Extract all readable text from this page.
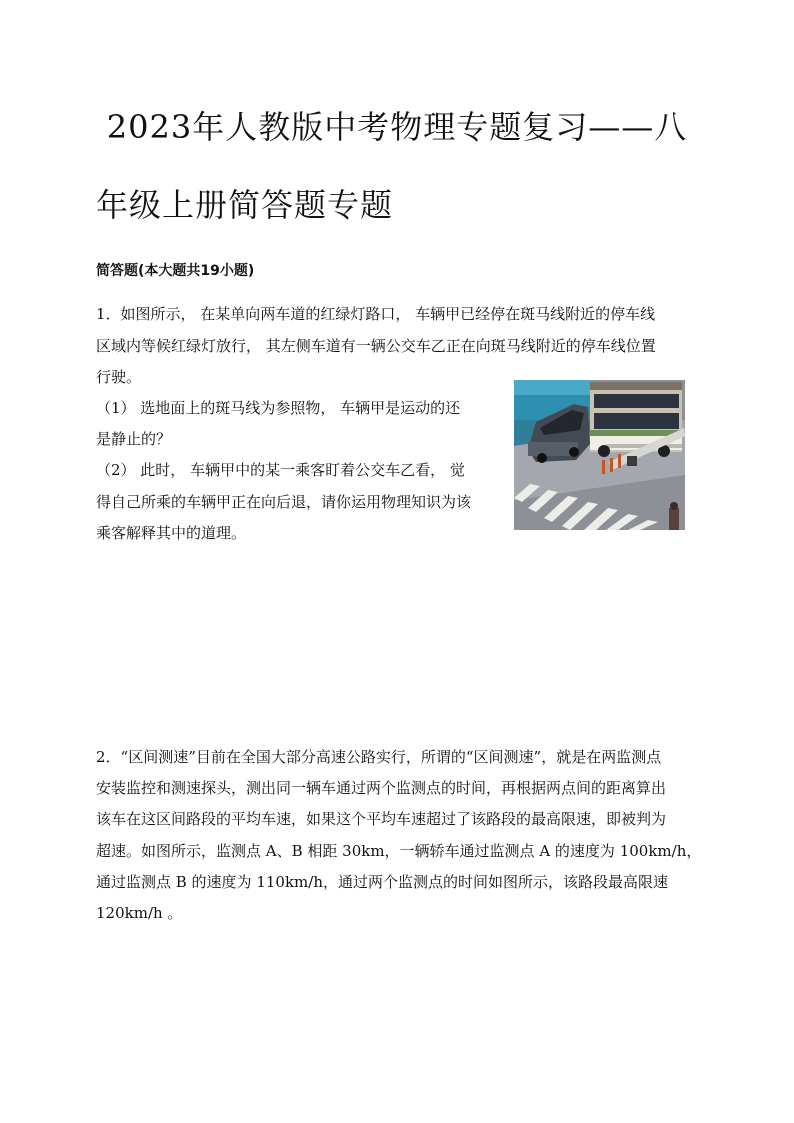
2023年人教版中考物理专题复习——八
年级上册简答题专题
简答题(本大题共19小题)
1．如图所示， 在某单向两车道的红绿灯路口， 车辆甲已经停在斑马线附近的停车线
区域内等候红绿灯放行， 其左侧车道有一辆公交车乙正在向斑马线附近的停车线位置
行驶。
（1） 选地面上的斑马线为参照物， 车辆甲是运动的还
是静止的？
（2） 此时， 车辆甲中的某一乘客盯着公交车乙看， 觉
得自己所乘的车辆甲正在向后退，请你运用物理知识为该
乘客解释其中的道理。
2．“区间测速”目前在全国大部分高速公路实行，所谓的“区间测速”，就是在两监测点
安装监控和测速探头，测出同一辆车通过两个监测点的时间，再根据两点间的距离算出
该车在这区间路段的平均车速，如果这个平均车速超过了该路段的最高限速，即被判为
超速。如图所示，监测点 A、B 相距 30km，一辆轿车通过监测点 A 的速度为 100km/h，
通过监测点 B 的速度为 110km/h，通过两个监测点的时间如图所示，该路段最高限速
120km/h 。
